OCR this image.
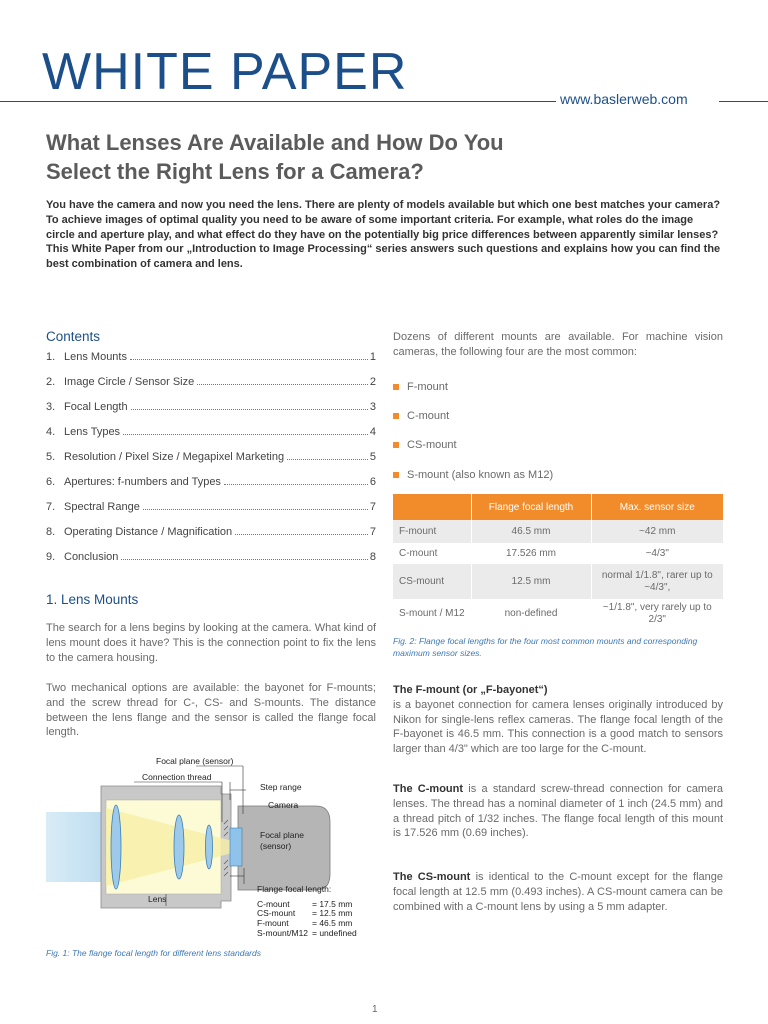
WHITE PAPER	www.baslerweb.com
What Lenses Are Available and How Do You
Select the Right Lens for a Camera?

You have the camera and now you need the lens. There are plenty of models available but which one best matches your camera? To achieve images of optimal quality you need to be aware of some important criteria. For example, what roles do the image circle and aperture play, and what effect do they have on the potentially big price differences between apparently similar lenses?

This White Paper from our „Introduction to Image Processing“ series answers such questions and explains how you can find the best combination of camera and lens.

Contents
1. Lens Mounts	1
2. Image Circle / Sensor Size	2
3. Focal Length	3
4. Lens Types	4
5. Resolution / Pixel Size / Megapixel Marketing	5
6. Apertures: f-numbers and Types	6
7. Spectral Range	7
8. Operating Distance / Magnification	7
9. Conclusion	8
1. Lens Mounts

The search for a lens begins by looking at the camera. What kind of lens mount does it have? This is the connection point to fix the lens to the camera housing.

Two mechanical options are available: the bayonet for F-mounts; and the screw thread for C-, CS- and S-mounts. The distance between the lens flange and the sensor is called the flange focal length.

Focal plane (sensor)
Connection thread
Step range
Camera
Focal plane
(sensor)
Lens
Flange focal length:
C-mount	= 17.5 mm
CS-mount = 12.5 mm
F-mount	= 46.5 mm
S-mount/M12 = undefined

Fig. 1: The flange focal length for different lens standards

Dozens of different mounts are available. For machine vision cameras, the following four are the most common:

F-mount
C-mount
CS-mount
S-mount (also known as M12)
	Flange focal length	Max. sensor size
F-mount	46.5 mm	~42 mm
C-mount	17.526 mm	~4/3"
CS-mount	12.5 mm	normal 1/1.8", rarer up to ~4/3",
S-mount / M12	non-defined	~1/1.8", very rarely up to 2/3"

Fig. 2: Flange focal lengths for the four most common mounts and corresponding maximum sensor sizes.

The F-mount (or „F-bayonet“)
is a bayonet connection for camera lenses originally introduced by Nikon for single-lens reflex cameras. The flange focal length of the F-bayonet is 46.5 mm. This connection is a good match to sensors larger than 4/3" which are too large for the C-mount.

The C-mount is a standard screw-thread connection for camera lenses. The thread has a nominal diameter of 1 inch (24.5 mm) and a thread pitch of 1/32 inches. The flange focal length of this mount is 17.526 mm (0.69 inches).

The CS-mount is identical to the C-mount except for the flange focal length at 12.5 mm (0.493 inches). A CS-mount camera can be combined with a C-mount lens by using a 5 mm adapter.

1
